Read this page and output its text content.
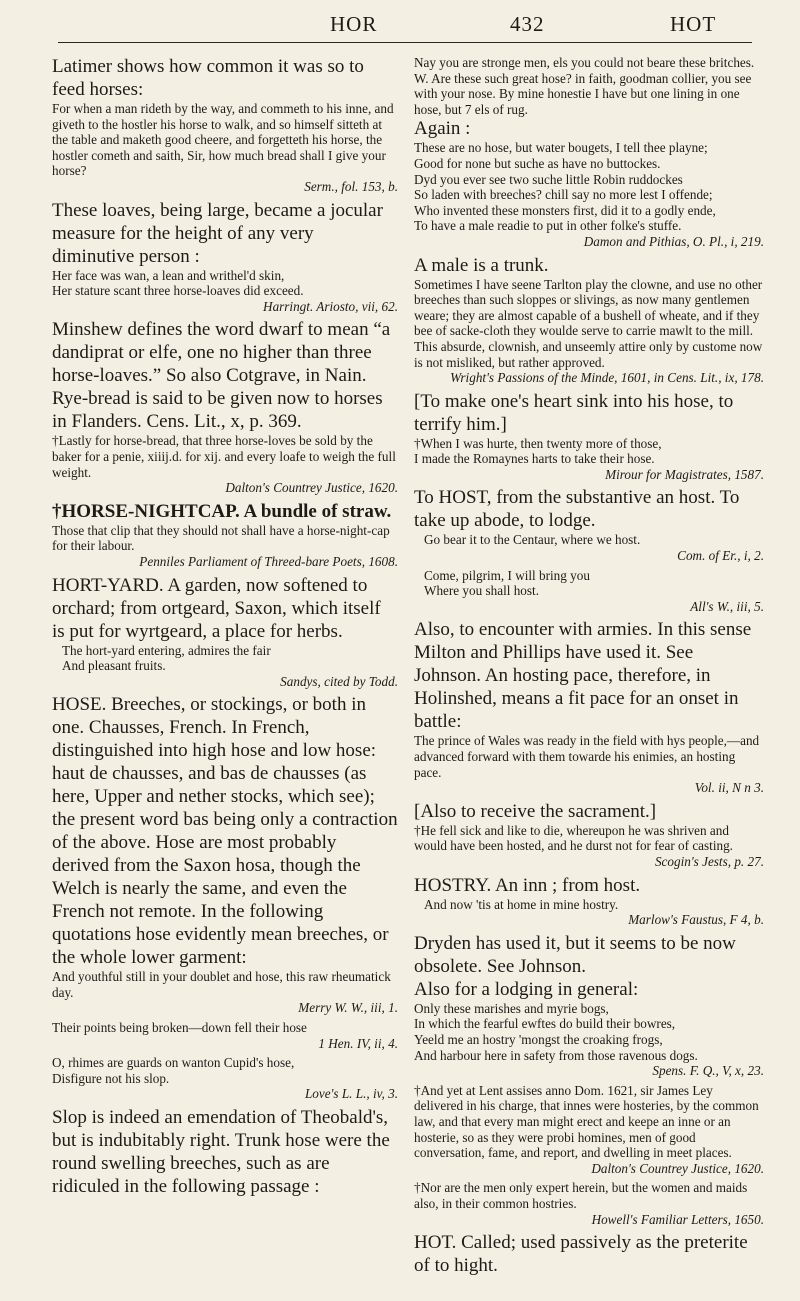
HOR	432	HOT

Latimer shows how common it was so to feed horses:

For when a man rideth by the way, and commeth to his inne, and giveth to the hostler his horse to walk, and so himself sitteth at the table and maketh good cheere, and forgetteth his horse, the hostler cometh and saith, Sir, how much bread shall I give your horse?

Serm., fol. 153, b.

These loaves, being large, became a jocular measure for the height of any very diminutive person :

Her face was wan, a lean and writhel'd skin,

Her stature scant three horse-loaves did exceed.

Harringt. Ariosto, vii, 62.

Minshew defines the word dwarf to mean “a dandiprat or elfe, one no higher than three horse-loaves.” So also Cotgrave, in Nain. Rye-bread is said to be given now to horses in Flanders. Cens. Lit., x, p. 369.

†Lastly for horse-bread, that three horse-loves be sold by the baker for a penie, xiiij.d. for xij. and every loafe to weigh the full weight.

Dalton's Countrey Justice, 1620.

†HORSE-NIGHTCAP. A bundle of straw.

Those that clip that they should not shall have a horse-night-cap for their labour.

Penniles Parliament of Threed-bare Poets, 1608.

HORT-YARD. A garden, now softened to orchard; from ortgeard, Saxon, which itself is put for wyrtgeard, a place for herbs.

The hort-yard entering, admires the fair

And pleasant fruits.

Sandys, cited by Todd.

HOSE. Breeches, or stockings, or both in one. Chausses, French. In French, distinguished into high hose and low hose: haut de chausses, and bas de chausses (as here, Upper and nether stocks, which see); the present word bas being only a contraction of the above. Hose are most probably derived from the Saxon hosa, though the Welch is nearly the same, and even the French not remote. In the following quotations hose evidently mean breeches, or the whole lower garment:

And youthful still in your doublet and hose, this raw rheumatick day.

Merry W. W., iii, 1.

Their points being broken—down fell their hose

1 Hen. IV, ii, 4.

O, rhimes are guards on wanton Cupid's hose,

Disfigure not his slop.

Love's L. L., iv, 3.

Slop is indeed an emendation of Theobald's, but is indubitably right. Trunk hose were the round swelling breeches, such as are ridiculed in the following passage :

Nay you are stronge men, els you could not beare these britches. W. Are these such great hose? in faith, goodman collier, you see with your nose. By mine honestie I have but one lining in one hose, but 7 els of rug.

Again :

These are no hose, but water bougets, I tell thee playne;

Good for none but suche as have no buttockes.

Dyd you ever see two suche little Robin ruddockes

So laden with breeches? chill say no more lest I offende;

Who invented these monsters first, did it to a godly ende,

To have a male readie to put in other folke's stuffe.

Damon and Pithias, O. Pl., i, 219.

A male is a trunk.

Sometimes I have seene Tarlton play the clowne, and use no other breeches than such sloppes or slivings, as now many gentlemen weare; they are almost capable of a bushell of wheate, and if they bee of sacke-cloth they woulde serve to carrie mawlt to the mill. This absurde, clownish, and unseemly attire only by custome now is not misliked, but rather approved.

Wright's Passions of the Minde, 1601, in Cens. Lit., ix, 178.

[To make one's heart sink into his hose, to terrify him.]

†When I was hurte, then twenty more of those,

I made the Romaynes harts to take their hose.

Mirour for Magistrates, 1587.

To HOST, from the substantive an host. To take up abode, to lodge.

Go bear it to the Centaur, where we host.

Com. of Er., i, 2.

Come, pilgrim, I will bring you

Where you shall host.

All's W., iii, 5.

Also, to encounter with armies. In this sense Milton and Phillips have used it. See Johnson. An hosting pace, therefore, in Holinshed, means a fit pace for an onset in battle:

The prince of Wales was ready in the field with hys people,—and advanced forward with them towarde his enimies, an hosting pace.

Vol. ii, N n 3.

[Also to receive the sacrament.]

†He fell sick and like to die, whereupon he was shriven and would have been hosted, and he durst not for fear of casting.

Scogin's Jests, p. 27.

HOSTRY. An inn ; from host.

And now 'tis at home in mine hostry.

Marlow's Faustus, F 4, b.

Dryden has used it, but it seems to be now obsolete. See Johnson.

Also for a lodging in general:

Only these marishes and myrie bogs,

In which the fearful ewftes do build their bowres,

Yeeld me an hostry 'mongst the croaking frogs,

And harbour here in safety from those ravenous dogs.

Spens. F. Q., V, x, 23.

†And yet at Lent assises anno Dom. 1621, sir James Ley delivered in his charge, that innes were hosteries, by the common law, and that every man might erect and keepe an inne or an hosterie, so as they were probi homines, men of good conversation, fame, and report, and dwelling in meet places.

Dalton's Countrey Justice, 1620.

†Nor are the men only expert herein, but the women and maids also, in their common hostries.

Howell's Familiar Letters, 1650.

HOT. Called; used passively as the preterite of to hight.
